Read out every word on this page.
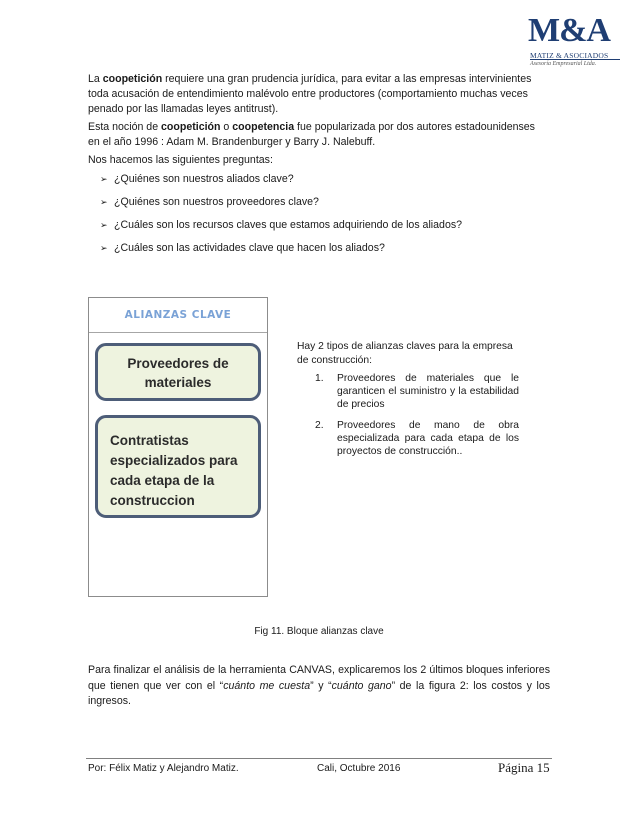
M&A
MATIZ & ASOCIADOS
Asesoría Empresarial Ltda.

La coopetición requiere una gran prudencia jurídica, para evitar a las empresas intervinientes toda acusación de entendimiento malévolo entre productores (comportamiento muchas veces penado por las llamadas leyes antitrust).

Esta noción de coopetición o coopetencia fue popularizada por dos autores estadounidenses en el año 1996 : Adam M. Brandenburger y Barry J. Nalebuff.

Nos hacemos las siguientes preguntas:

➢ ¿Quiénes son nuestros aliados clave?
➢ ¿Quiénes son nuestros proveedores clave?
➢ ¿Cuáles son los recursos claves que estamos adquiriendo de los aliados?
➢ ¿Cuáles son las actividades clave que hacen los aliados?
ALIANZAS CLAVE
Proveedores de materiales
Contratistas especializados para cada etapa de la construccion

Hay 2 tipos de alianzas claves para la empresa de construcción:

1.	Proveedores de materiales que le garanticen el suministro y la estabilidad de precios
2.	Proveedores de mano de obra especializada para cada etapa de los proyectos de construcción..
Fig 11. Bloque alianzas clave

Para finalizar el análisis de la herramienta CANVAS, explicaremos los 2 últimos bloques inferiores que tienen que ver con el “cuánto me cuesta” y “cuánto gano” de la figura 2: los costos y los ingresos.

Por: Félix Matiz y Alejandro Matiz.	Cali, Octubre 2016	Página 15
